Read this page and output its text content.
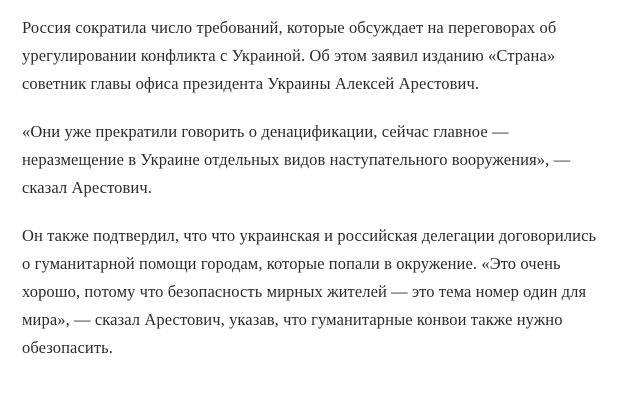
Россия сократила число требований, которые обсуждает на переговорах об урегулировании конфликта с Украиной. Об этом заявил изданию «Страна» советник главы офиса президента Украины Алексей Арестович.

«Они уже прекратили говорить о денацификации, сейчас главное — неразмещение в Украине отдельных видов наступательного вооружения», — сказал Арестович.

Он также подтвердил, что что украинская и российская делегации договорились о гуманитарной помощи городам, которые попали в окружение. «Это очень хорошо, потому что безопасность мирных жителей — это тема номер один для мира», — сказал Арестович, указав, что гуманитарные конвои также нужно обезопасить.
